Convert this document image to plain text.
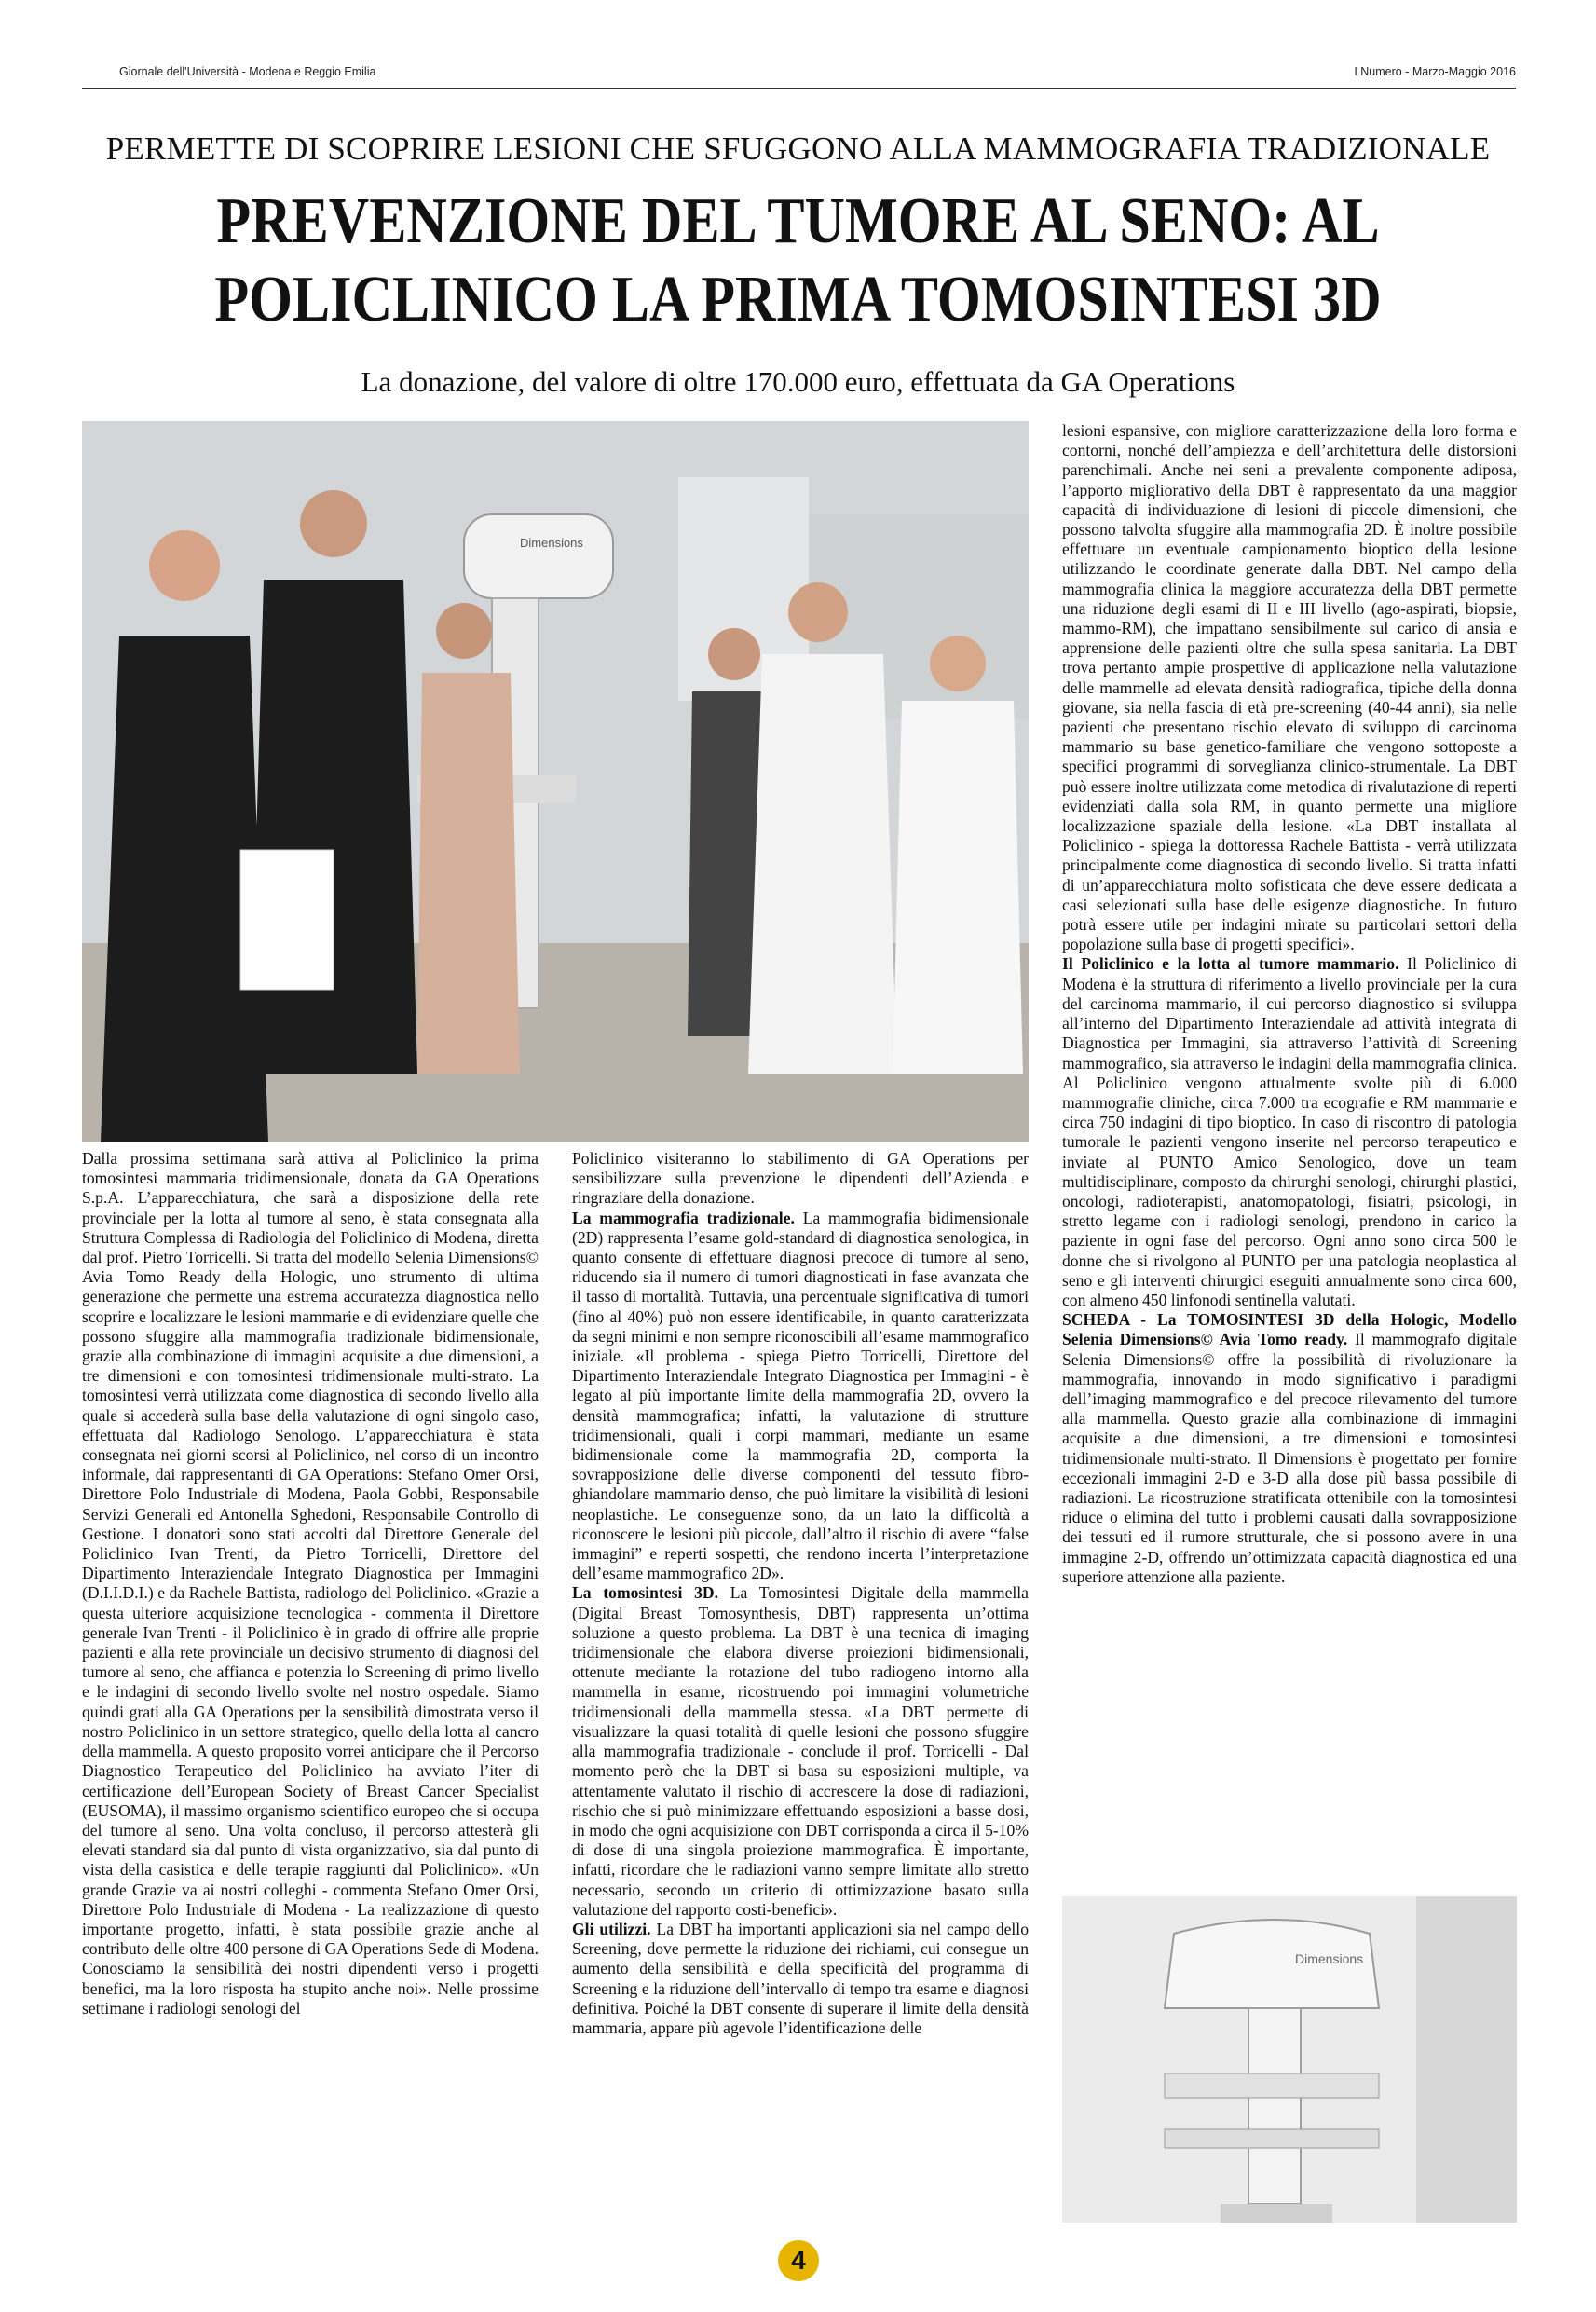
Giornale dell'Università - Modena e Reggio Emilia	I Numero - Marzo-Maggio 2016
PERMETTE DI SCOPRIRE LESIONI CHE SFUGGONO ALLA MAMMOGRAFIA TRADIZIONALE
PREVENZIONE DEL TUMORE AL SENO: AL
POLICLINICO LA PRIMA TOMOSINTESI 3D
La donazione, del valore di oltre 170.000 euro, effettuata da GA Operations
Dimensions

Dalla prossima settimana sarà attiva al Policlinico la prima tomosintesi mammaria tridimensionale, donata da GA Operations S.p.A. L’apparecchiatura, che sarà a disposizione della rete provinciale per la lotta al tumore al seno, è stata consegnata alla Struttura Complessa di Radiologia del Policlinico di Modena, diretta dal prof. Pietro Torricelli. Si tratta del modello Selenia Dimensions© Avia Tomo Ready della Hologic, uno strumento di ultima generazione che permette una estrema accuratezza diagnostica nello scoprire e localizzare le lesioni mammarie e di evidenziare quelle che possono sfuggire alla mammografia tradizionale bidimensionale, grazie alla combinazione di immagini acquisite a due dimensioni, a tre dimensioni e con tomosintesi tridimensionale multi-strato. La tomosintesi verrà utilizzata come diagnostica di secondo livello alla quale si accederà sulla base della valutazione di ogni singolo caso, effettuata dal Radiologo Senologo. L’apparecchiatura è stata consegnata nei giorni scorsi al Policlinico, nel corso di un incontro informale, dai rappresentanti di GA Operations: Stefano Omer Orsi, Direttore Polo Industriale di Modena, Paola Gobbi, Responsabile Servizi Generali ed Antonella Sghedoni, Responsabile Controllo di Gestione. I donatori sono stati accolti dal Direttore Generale del Policlinico Ivan Trenti, da Pietro Torricelli, Direttore del Dipartimento Interaziendale Integrato Diagnostica per Immagini (D.I.I.D.I.) e da Rachele Battista, radiologo del Policlinico. «Grazie a questa ulteriore acquisizione tecnologica - commenta il Direttore generale Ivan Trenti - il Policlinico è in grado di offrire alle proprie pazienti e alla rete provinciale un decisivo strumento di diagnosi del tumore al seno, che affianca e potenzia lo Screening di primo livello e le indagini di secondo livello svolte nel nostro ospedale. Siamo quindi grati alla GA Operations per la sensibilità dimostrata verso il nostro Policlinico in un settore strategico, quello della lotta al cancro della mammella. A questo proposito vorrei anticipare che il Percorso Diagnostico Terapeutico del Policlinico ha avviato l’iter di certificazione dell’European Society of Breast Cancer Specialist (EUSOMA), il massimo organismo scientifico europeo che si occupa del tumore al seno. Una volta concluso, il percorso attesterà gli elevati standard sia dal punto di vista organizzativo, sia dal punto di vista della casistica e delle terapie raggiunti dal Policlinico». «Un grande Grazie va ai nostri colleghi - commenta Stefano Omer Orsi, Direttore Polo Industriale di Modena - La realizzazione di questo importante progetto, infatti, è stata possibile grazie anche al contributo delle oltre 400 persone di GA Operations Sede di Modena. Conosciamo la sensibilità dei nostri dipendenti verso i progetti benefici, ma la loro risposta ha stupito anche noi». Nelle prossime settimane i radiologi senologi del

Policlinico visiteranno lo stabilimento di GA Operations per sensibilizzare sulla prevenzione le dipendenti dell’Azienda e ringraziare della donazione.

La mammografia tradizionale. La mammografia bidimensionale (2D) rappresenta l’esame gold-standard di diagnostica senologica, in quanto consente di effettuare diagnosi precoce di tumore al seno, riducendo sia il numero di tumori diagnosticati in fase avanzata che il tasso di mortalità. Tuttavia, una percentuale significativa di tumori (fino al 40%) può non essere identificabile, in quanto caratterizzata da segni minimi e non sempre riconoscibili all’esame mammografico iniziale. «Il problema - spiega Pietro Torricelli, Direttore del Dipartimento Interaziendale Integrato Diagnostica per Immagini - è legato al più importante limite della mammografia 2D, ovvero la densità mammografica; infatti, la valutazione di strutture tridimensionali, quali i corpi mammari, mediante un esame bidimensionale come la mammografia 2D, comporta la sovrapposizione delle diverse componenti del tessuto fibro-ghiandolare mammario denso, che può limitare la visibilità di lesioni neoplastiche. Le conseguenze sono, da un lato la difficoltà a riconoscere le lesioni più piccole, dall’altro il rischio di avere “false immagini” e reperti sospetti, che rendono incerta l’interpretazione dell’esame mammografico 2D».

La tomosintesi 3D. La Tomosintesi Digitale della mammella (Digital Breast Tomosynthesis, DBT) rappresenta un’ottima soluzione a questo problema. La DBT è una tecnica di imaging tridimensionale che elabora diverse proiezioni bidimensionali, ottenute mediante la rotazione del tubo radiogeno intorno alla mammella in esame, ricostruendo poi immagini volumetriche tridimensionali della mammella stessa. «La DBT permette di visualizzare la quasi totalità di quelle lesioni che possono sfuggire alla mammografia tradizionale - conclude il prof. Torricelli - Dal momento però che la DBT si basa su esposizioni multiple, va attentamente valutato il rischio di accrescere la dose di radiazioni, rischio che si può minimizzare effettuando esposizioni a basse dosi, in modo che ogni acquisizione con DBT corrisponda a circa il 5-10% di dose di una singola proiezione mammografica. È importante, infatti, ricordare che le radiazioni vanno sempre limitate allo stretto necessario, secondo un criterio di ottimizzazione basato sulla valutazione del rapporto costi-benefici».

Gli utilizzi. La DBT ha importanti applicazioni sia nel campo dello Screening, dove permette la riduzione dei richiami, cui consegue un aumento della sensibilità e della specificità del programma di Screening e la riduzione dell’intervallo di tempo tra esame e diagnosi definitiva. Poiché la DBT consente di superare il limite della densità mammaria, appare più agevole l’identificazione delle

lesioni espansive, con migliore caratterizzazione della loro forma e contorni, nonché dell’ampiezza e dell’architettura delle distorsioni parenchimali. Anche nei seni a prevalente componente adiposa, l’apporto migliorativo della DBT è rappresentato da una maggior capacità di individuazione di lesioni di piccole dimensioni, che possono talvolta sfuggire alla mammografia 2D. È inoltre possibile effettuare un eventuale campionamento bioptico della lesione utilizzando le coordinate generate dalla DBT. Nel campo della mammografia clinica la maggiore accuratezza della DBT permette una riduzione degli esami di II e III livello (ago-aspirati, biopsie, mammo-RM), che impattano sensibilmente sul carico di ansia e apprensione delle pazienti oltre che sulla spesa sanitaria. La DBT trova pertanto ampie prospettive di applicazione nella valutazione delle mammelle ad elevata densità radiografica, tipiche della donna giovane, sia nella fascia di età pre-screening (40-44 anni), sia nelle pazienti che presentano rischio elevato di sviluppo di carcinoma mammario su base genetico-familiare che vengono sottoposte a specifici programmi di sorveglianza clinico-strumentale. La DBT può essere inoltre utilizzata come metodica di rivalutazione di reperti evidenziati dalla sola RM, in quanto permette una migliore localizzazione spaziale della lesione. «La DBT installata al Policlinico - spiega la dottoressa Rachele Battista - verrà utilizzata principalmente come diagnostica di secondo livello. Si tratta infatti di un’apparecchiatura molto sofisticata che deve essere dedicata a casi selezionati sulla base delle esigenze diagnostiche. In futuro potrà essere utile per indagini mirate su particolari settori della popolazione sulla base di progetti specifici».

Il Policlinico e la lotta al tumore mammario. Il Policlinico di Modena è la struttura di riferimento a livello provinciale per la cura del carcinoma mammario, il cui percorso diagnostico si sviluppa all’interno del Dipartimento Interaziendale ad attività integrata di Diagnostica per Immagini, sia attraverso l’attività di Screening mammografico, sia attraverso le indagini della mammografia clinica. Al Policlinico vengono attualmente svolte più di 6.000 mammografie cliniche, circa 7.000 tra ecografie e RM mammarie e circa 750 indagini di tipo bioptico. In caso di riscontro di patologia tumorale le pazienti vengono inserite nel percorso terapeutico e inviate al PUNTO Amico Senologico, dove un team multidisciplinare, composto da chirurghi senologi, chirurghi plastici, oncologi, radioterapisti, anatomopatologi, fisiatri, psicologi, in stretto legame con i radiologi senologi, prendono in carico la paziente in ogni fase del percorso. Ogni anno sono circa 500 le donne che si rivolgono al PUNTO per una patologia neoplastica al seno e gli interventi chirurgici eseguiti annualmente sono circa 600, con almeno 450 linfonodi sentinella valutati.

SCHEDA - La TOMOSINTESI 3D della Hologic, Modello Selenia Dimensions© Avia Tomo ready. Il mammografo digitale Selenia Dimensions© offre la possibilità di rivoluzionare la mammografia, innovando in modo significativo i paradigmi dell’imaging mammografico e del precoce rilevamento del tumore alla mammella. Questo grazie alla combinazione di immagini acquisite a due dimensioni, a tre dimensioni e tomosintesi tridimensionale multi-strato. Il Dimensions è progettato per fornire eccezionali immagini 2-D e 3-D alla dose più bassa possibile di radiazioni. La ricostruzione stratificata ottenibile con la tomosintesi riduce o elimina del tutto i problemi causati dalla sovrapposizione dei tessuti ed il rumore strutturale, che si possono avere in una immagine 2-D, offrendo un’ottimizzata capacità diagnostica ed una superiore attenzione alla paziente.

Dimensions
4
